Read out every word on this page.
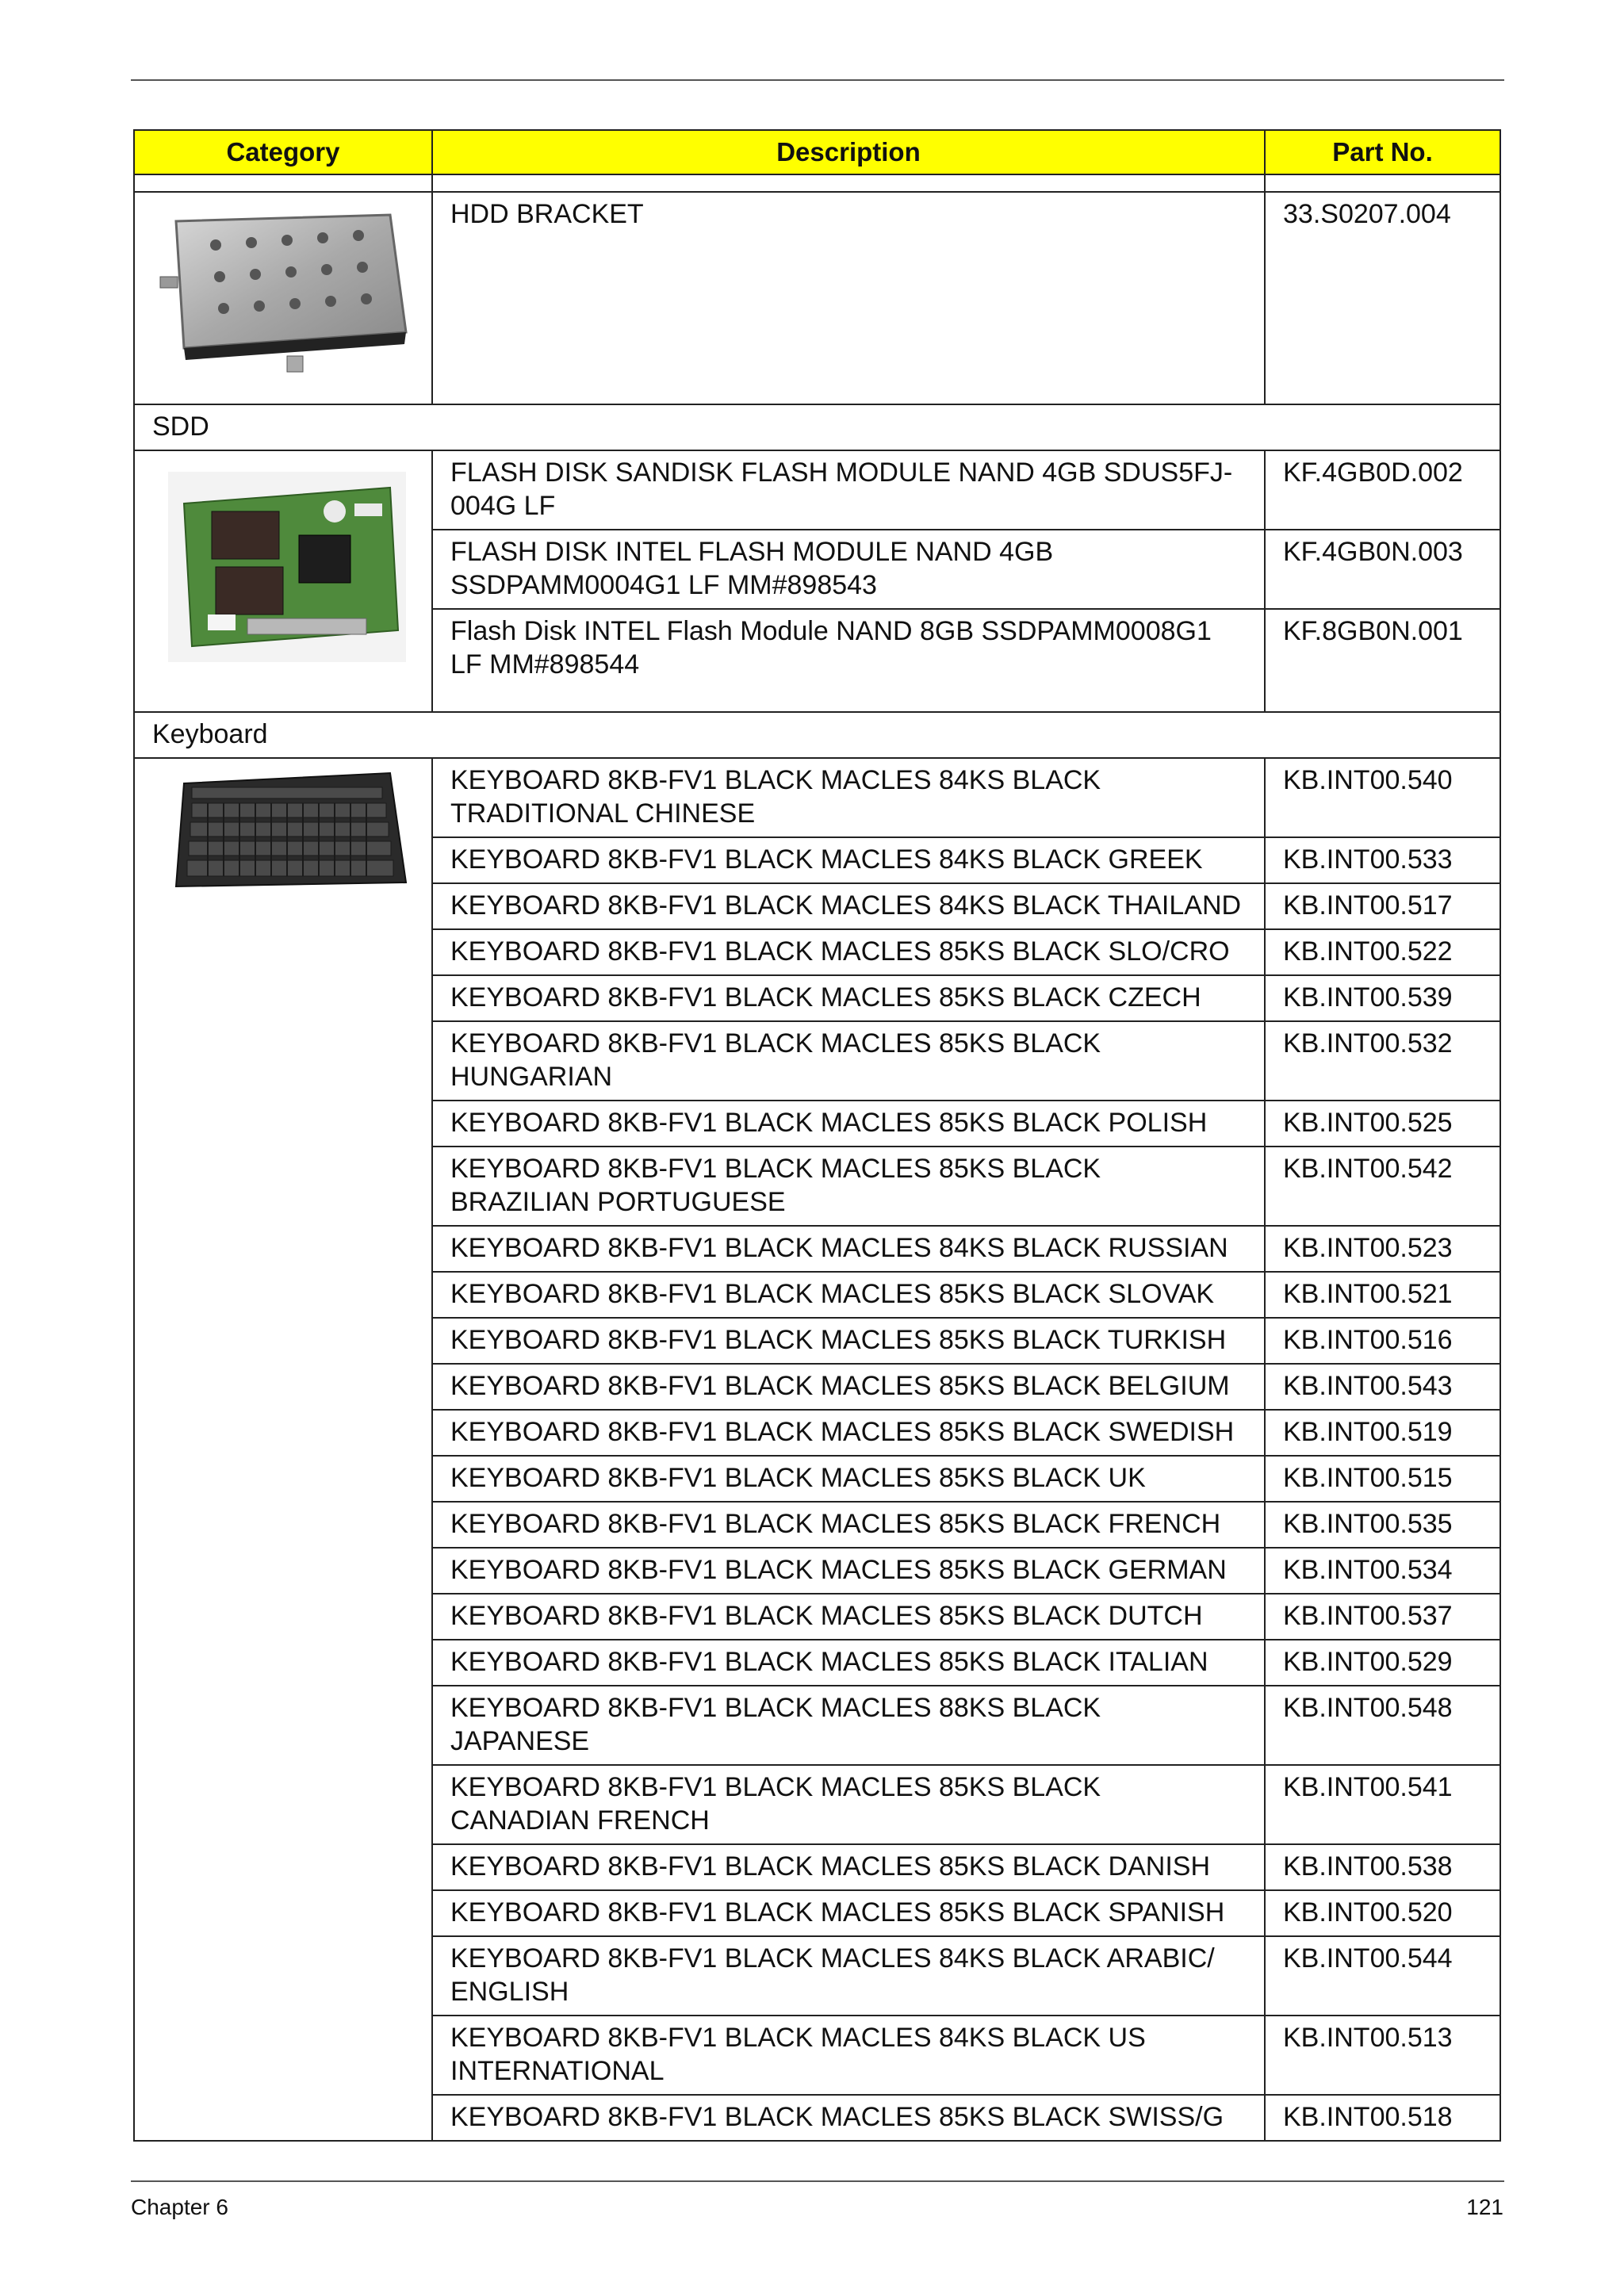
Category	Description	Part No.

	HDD BRACKET	33.S0207.004
SDD		

	FLASH DISK SANDISK FLASH MODULE NAND 4GB SDUS5FJ-004G LF	KF.4GB0D.002
	FLASH DISK INTEL FLASH MODULE NAND 4GB SSDPAMM0004G1 LF MM#898543	KF.4GB0N.003
	Flash Disk INTEL Flash Module NAND 8GB SSDPAMM0008G1 LF MM#898544	KF.8GB0N.001
Keyboard		

	KEYBOARD 8KB-FV1 BLACK MACLES 84KS BLACK TRADITIONAL CHINESE	KB.INT00.540
	KEYBOARD 8KB-FV1 BLACK MACLES 84KS BLACK GREEK	KB.INT00.533
	KEYBOARD 8KB-FV1 BLACK MACLES 84KS BLACK THAILAND	KB.INT00.517
	KEYBOARD 8KB-FV1 BLACK MACLES 85KS BLACK SLO/CRO	KB.INT00.522
	KEYBOARD 8KB-FV1 BLACK MACLES 85KS BLACK CZECH	KB.INT00.539
	KEYBOARD 8KB-FV1 BLACK MACLES 85KS BLACK HUNGARIAN	KB.INT00.532
	KEYBOARD 8KB-FV1 BLACK MACLES 85KS BLACK POLISH	KB.INT00.525
	KEYBOARD 8KB-FV1 BLACK MACLES 85KS BLACK BRAZILIAN PORTUGUESE	KB.INT00.542
	KEYBOARD 8KB-FV1 BLACK MACLES 84KS BLACK RUSSIAN	KB.INT00.523
	KEYBOARD 8KB-FV1 BLACK MACLES 85KS BLACK SLOVAK	KB.INT00.521
	KEYBOARD 8KB-FV1 BLACK MACLES 85KS BLACK TURKISH	KB.INT00.516
	KEYBOARD 8KB-FV1 BLACK MACLES 85KS BLACK BELGIUM	KB.INT00.543
	KEYBOARD 8KB-FV1 BLACK MACLES 85KS BLACK SWEDISH	KB.INT00.519
	KEYBOARD 8KB-FV1 BLACK MACLES 85KS BLACK UK	KB.INT00.515
	KEYBOARD 8KB-FV1 BLACK MACLES 85KS BLACK FRENCH	KB.INT00.535
	KEYBOARD 8KB-FV1 BLACK MACLES 85KS BLACK GERMAN	KB.INT00.534
	KEYBOARD 8KB-FV1 BLACK MACLES 85KS BLACK DUTCH	KB.INT00.537
	KEYBOARD 8KB-FV1 BLACK MACLES 85KS BLACK ITALIAN	KB.INT00.529
	KEYBOARD 8KB-FV1 BLACK MACLES 88KS BLACK JAPANESE	KB.INT00.548
	KEYBOARD 8KB-FV1 BLACK MACLES 85KS BLACK CANADIAN FRENCH	KB.INT00.541
	KEYBOARD 8KB-FV1 BLACK MACLES 85KS BLACK DANISH	KB.INT00.538
	KEYBOARD 8KB-FV1 BLACK MACLES 85KS BLACK SPANISH	KB.INT00.520
	KEYBOARD 8KB-FV1 BLACK MACLES 84KS BLACK ARABIC/ ENGLISH	KB.INT00.544
	KEYBOARD 8KB-FV1 BLACK MACLES 84KS BLACK US INTERNATIONAL	KB.INT00.513
	KEYBOARD 8KB-FV1 BLACK MACLES 85KS BLACK SWISS/G	KB.INT00.518
Chapter 6	121
